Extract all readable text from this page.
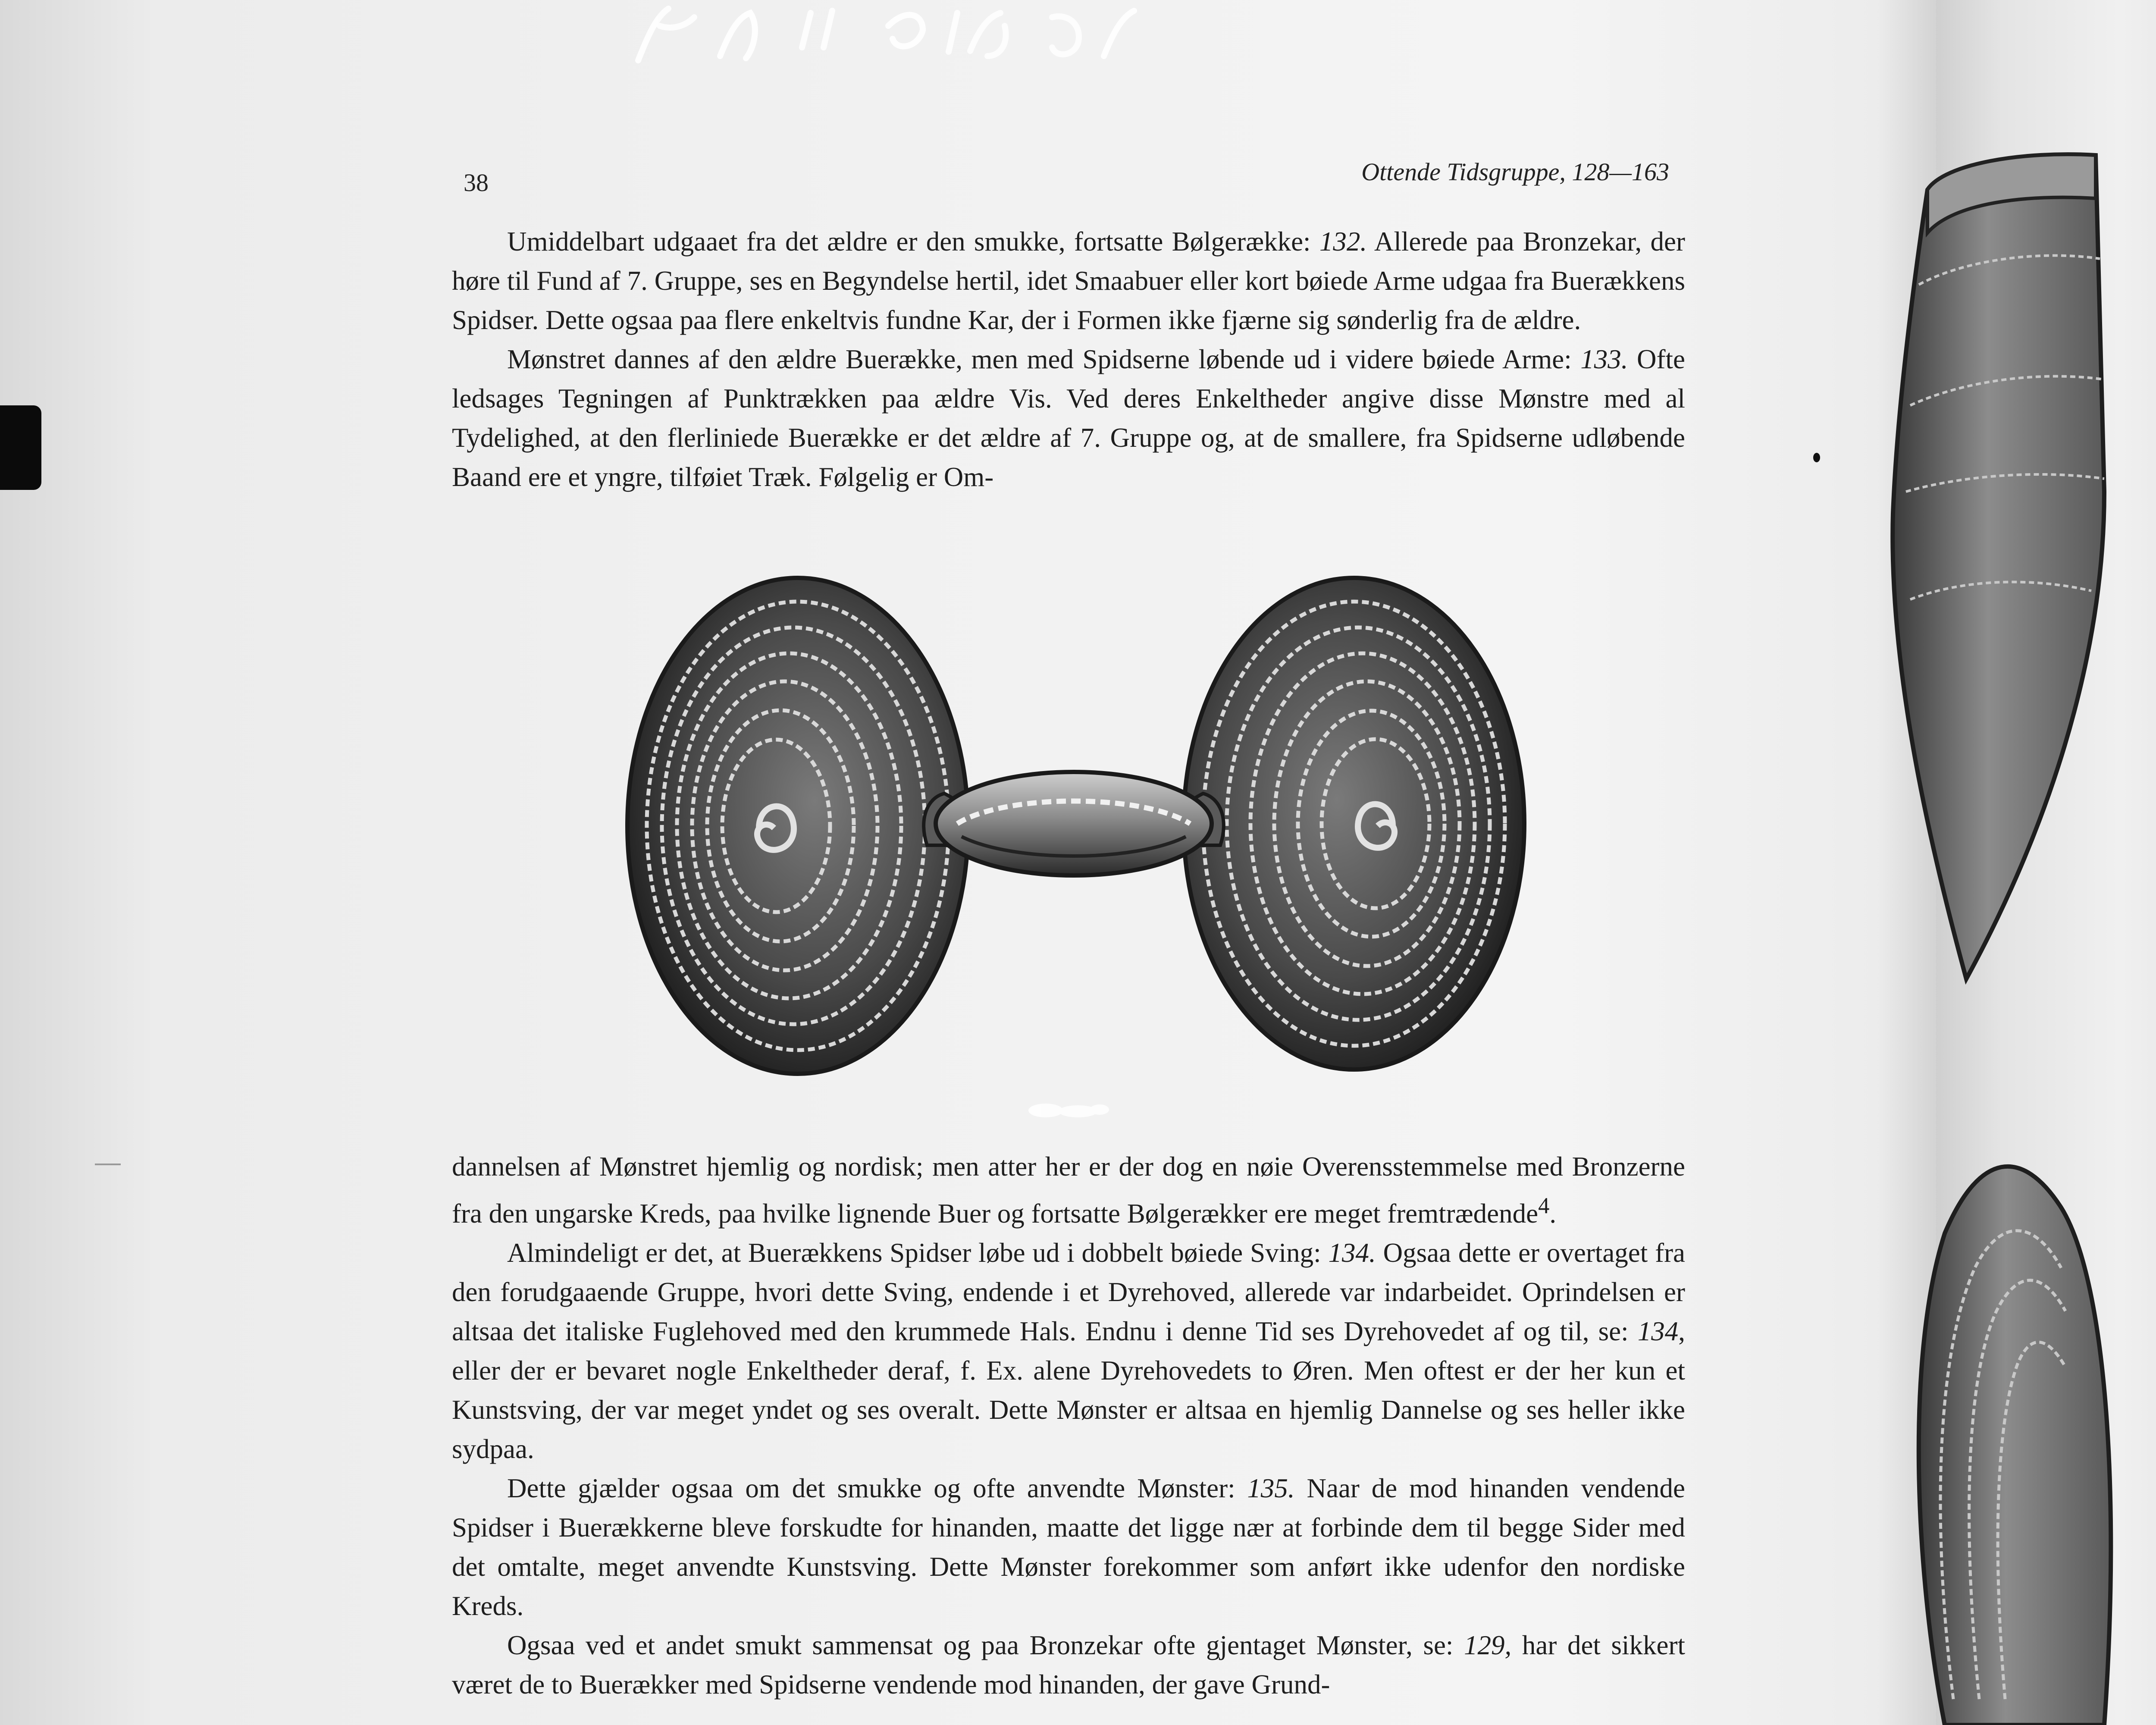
38	Ottende Tidsgruppe, 128—163

Umiddelbart udgaaet fra det ældre er den smukke, fortsatte Bølgerække: 132. Allerede paa Bronzekar, der høre til Fund af 7. Gruppe, ses en Begyndelse hertil, idet Smaabuer eller kort bøiede Arme udgaa fra Buerækkens Spidser. Dette ogsaa paa flere enkeltvis fundne Kar, der i Formen ikke fjærne sig sønderlig fra de ældre.

Mønstret dannes af den ældre Buerække, men med Spidserne løbende ud i videre bøiede Arme: 133. Ofte ledsages Tegningen af Punktrækken paa ældre Vis. Ved deres Enkeltheder angive disse Mønstre med al Tydelighed, at den flerliniede Buerække er det ældre af 7. Gruppe og, at de smallere, fra Spidserne udløbende Baand ere et yngre, tilføiet Træk. Følgelig er Om-

dannelsen af Mønstret hjemlig og nordisk; men atter her er der dog en nøie Overensstemmelse med Bronzerne fra den ungarske Kreds, paa hvilke lignende Buer og fortsatte Bølgerækker ere meget fremtrædende$^4$.

Almindeligt er det, at Buerækkens Spidser løbe ud i dobbelt bøiede Sving: 134. Ogsaa dette er overtaget fra den forudgaaende Gruppe, hvori dette Sving, endende i et Dyrehoved, allerede var indarbeidet. Oprindelsen er altsaa det italiske Fuglehoved med den krummede Hals. Endnu i denne Tid ses Dyrehovedet af og til, se: 134, eller der er bevaret nogle Enkeltheder deraf, f. Ex. alene Dyrehovedets to Øren. Men oftest er der her kun et Kunstsving, der var meget yndet og ses overalt. Dette Mønster er altsaa en hjemlig Dannelse og ses heller ikke sydpaa.

Dette gjælder ogsaa om det smukke og ofte anvendte Mønster: 135. Naar de mod hinanden vendende Spidser i Buerækkerne bleve forskudte for hinanden, maatte det ligge nær at forbinde dem til begge Sider med det omtalte, meget anvendte Kunstsving. Dette Mønster forekommer som anført ikke udenfor den nordiske Kreds.

Ogsaa ved et andet smukt sammensat og paa Bronzekar ofte gjentaget Mønster, se: 129, har det sikkert været de to Buerækker med Spidserne vendende mod hinanden, der gave Grund-
